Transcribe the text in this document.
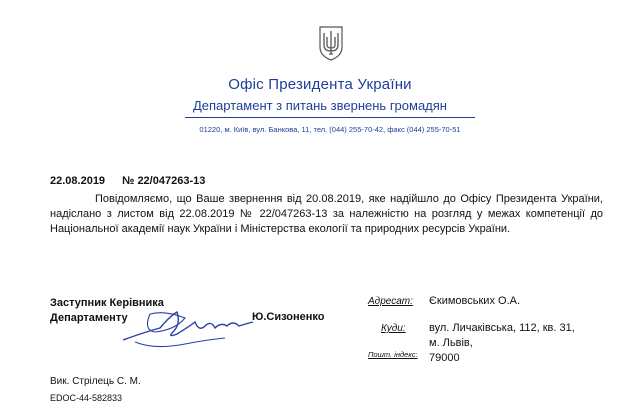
Офіс Президента України
Департамент з питань звернень громадян
01220, м. Київ, вул. Банкова, 11, тел. (044) 255-70-42, факс (044) 255-70-51
22.08.2019 № 22/047263-13
Повідомляємо, що Ваше звернення від 20.08.2019, яке надійшло до Офісу Президента України, надіслано з листом від 22.08.2019 № 22/047263-13 за належністю на розгляд у межах компетенції до Національної академії наук України і Міністерства екології та природних ресурсів України.
Заступник Керівника
Департаменту	Ю.Сизоненко
Адресат: Єкимовських О.А.
Куди: вул. Личаківська, 112, кв. 31,
м. Львів,
Пошт. індекс: 79000
Вик. Стрілець С. М.
EDOC-44-582833
